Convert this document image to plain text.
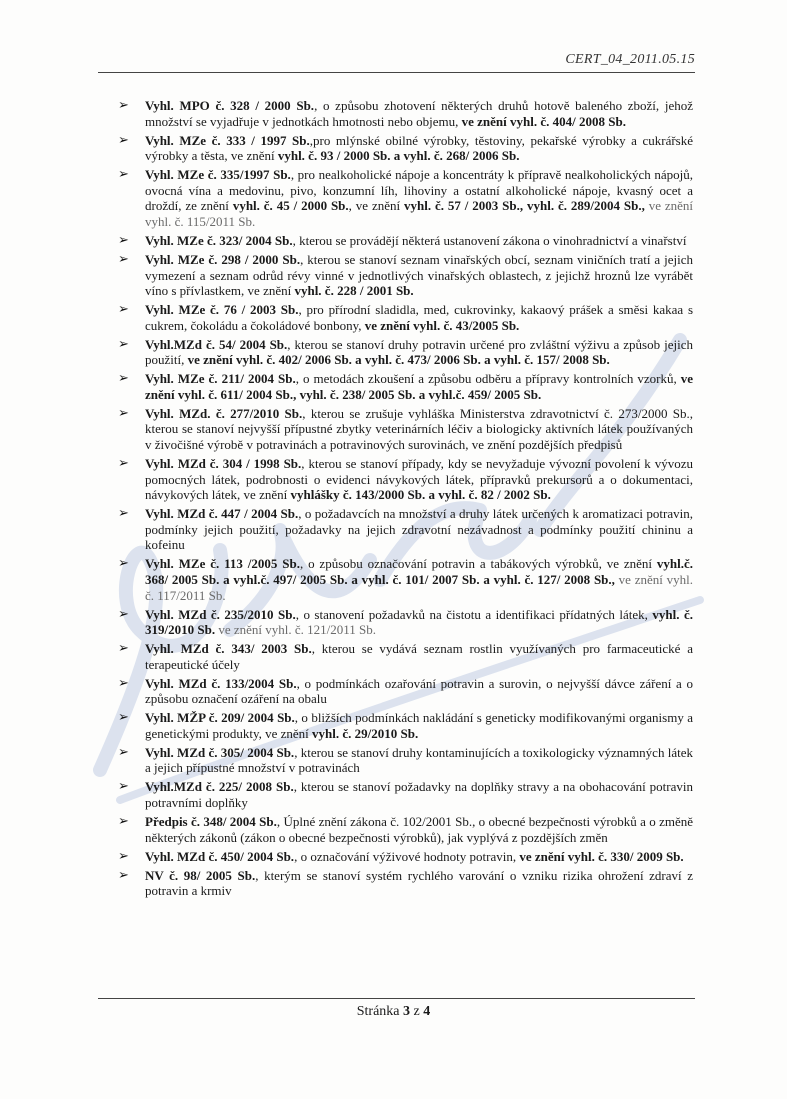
CERT_04_2011.05.15
➢ Vyhl. MPO č. 328 / 2000 Sb., o způsobu zhotovení některých druhů hotově baleného zboží, jehož množství se vyjadřuje v jednotkách hmotnosti nebo objemu, ve znění vyhl. č. 404/ 2008 Sb.
➢ Vyhl. MZe č. 333 / 1997 Sb.,pro mlýnské obilné výrobky, těstoviny, pekařské výrobky a cukrářské výrobky a těsta, ve znění vyhl. č. 93 / 2000 Sb. a vyhl. č. 268/ 2006 Sb.
➢ Vyhl. MZe č. 335/1997 Sb., pro nealkoholické nápoje a koncentráty k přípravě nealkoholických nápojů, ovocná vína a medovinu, pivo, konzumní líh, lihoviny a ostatní alkoholické nápoje, kvasný ocet a droždí, ze znění vyhl. č. 45 / 2000 Sb., ve znění vyhl. č. 57 / 2003 Sb., vyhl. č. 289/2004 Sb., ve znění vyhl. č. 115/2011 Sb.
➢ Vyhl. MZe č. 323/ 2004 Sb., kterou se provádějí některá ustanovení zákona o vinohradnictví a vinařství
➢ Vyhl. MZe č. 298 / 2000 Sb., kterou se stanoví seznam vinařských obcí, seznam viničních tratí a jejich vymezení a seznam odrůd révy vinné v jednotlivých vinařských oblastech, z jejichž hroznů lze vyrábět víno s přívlastkem, ve znění vyhl. č. 228 / 2001 Sb.
➢ Vyhl. MZe č. 76 / 2003 Sb., pro přírodní sladidla, med, cukrovinky, kakaový prášek a směsi kakaa s cukrem, čokoládu a čokoládové bonbony, ve znění vyhl. č. 43/2005 Sb.
➢ Vyhl.MZd č. 54/ 2004 Sb., kterou se stanoví druhy potravin určené pro zvláštní výživu a způsob jejich použití, ve znění vyhl. č. 402/ 2006 Sb. a vyhl. č. 473/ 2006 Sb. a vyhl. č. 157/ 2008 Sb.
➢ Vyhl. MZe č. 211/ 2004 Sb., o metodách zkoušení a způsobu odběru a přípravy kontrolních vzorků, ve znění vyhl. č. 611/ 2004 Sb., vyhl. č. 238/ 2005 Sb. a vyhl.č. 459/ 2005 Sb.
➢ Vyhl. MZd. č. 277/2010 Sb., kterou se zrušuje vyhláška Ministerstva zdravotnictví č. 273/2000 Sb., kterou se stanoví nejvyšší přípustné zbytky veterinárních léčiv a biologicky aktivních látek používaných v živočišné výrobě v potravinách a potravinových surovinách, ve znění pozdějších předpisů
➢ Vyhl. MZd č. 304 / 1998 Sb., kterou se stanoví případy, kdy se nevyžaduje vývozní povolení k vývozu pomocných látek, podrobnosti o evidenci návykových látek, přípravků prekursorů a o dokumentaci, návykových látek, ve znění vyhlášky č. 143/2000 Sb. a vyhl. č. 82 / 2002 Sb.
➢ Vyhl. MZd č. 447 / 2004 Sb., o požadavcích na množství a druhy látek určených k aromatizaci potravin, podmínky jejich použití, požadavky na jejich zdravotní nezávadnost a podmínky použití chininu a kofeinu
➢ Vyhl. MZe č. 113 /2005 Sb., o způsobu označování potravin a tabákových výrobků, ve znění vyhl.č. 368/ 2005 Sb. a vyhl.č. 497/ 2005 Sb. a vyhl. č. 101/ 2007 Sb. a vyhl. č. 127/ 2008 Sb., ve znění vyhl. č. 117/2011 Sb.
➢ Vyhl. MZd č. 235/2010 Sb., o stanovení požadavků na čistotu a identifikaci přídatných látek, vyhl. č. 319/2010 Sb. ve znění vyhl. č. 121/2011 Sb.
➢ Vyhl. MZd č. 343/ 2003 Sb., kterou se vydává seznam rostlin využívaných pro farmaceutické a terapeutické účely
➢ Vyhl. MZd č. 133/2004 Sb., o podmínkách ozařování potravin a surovin, o nejvyšší dávce záření a o způsobu označení ozáření na obalu
➢ Vyhl. MŽP č. 209/ 2004 Sb., o bližších podmínkách nakládání s geneticky modifikovanými organismy a genetickými produkty, ve znění vyhl. č. 29/2010 Sb.
➢ Vyhl. MZd č. 305/ 2004 Sb., kterou se stanoví druhy kontaminujících a toxikologicky významných látek a jejich přípustné množství v potravinách
➢ Vyhl.MZd č. 225/ 2008 Sb., kterou se stanoví požadavky na doplňky stravy a na obohacování potravin potravními doplňky
➢ Předpis č. 348/ 2004 Sb., Úplné znění zákona č. 102/2001 Sb., o obecné bezpečnosti výrobků a o změně některých zákonů (zákon o obecné bezpečnosti výrobků), jak vyplývá z pozdějších změn
➢ Vyhl. MZd č. 450/ 2004 Sb., o označování výživové hodnoty potravin, ve znění vyhl. č. 330/ 2009 Sb.
➢ NV č. 98/ 2005 Sb., kterým se stanoví systém rychlého varování o vzniku rizika ohrožení zdraví z potravin a krmiv
Stránka 3 z 4
